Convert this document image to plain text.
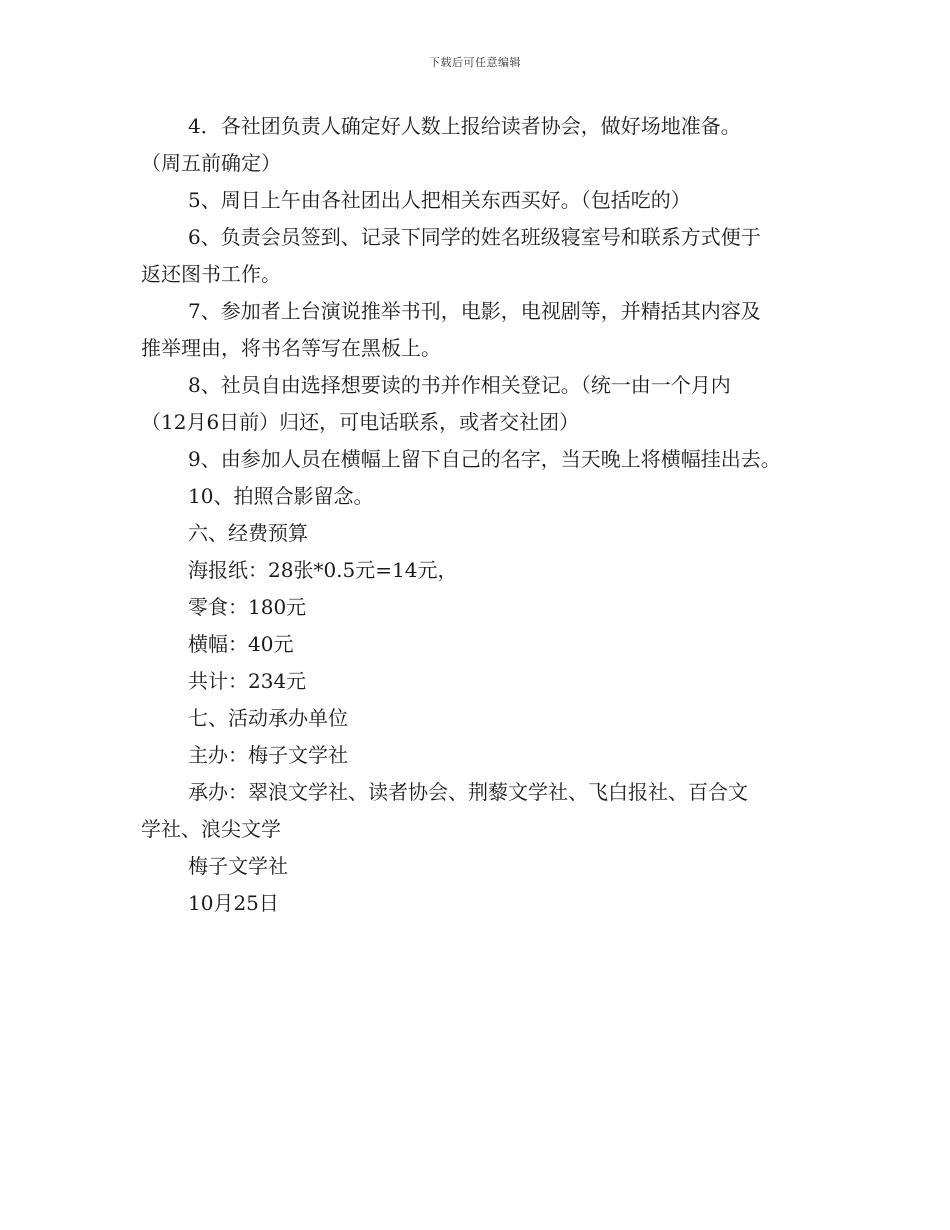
下载后可任意编辑

4．各社团负责人确定好人数上报给读者协会，做好场地准备。

（周五前确定）

5、周日上午由各社团出人把相关东西买好。（包括吃的）

6、负责会员签到、记录下同学的姓名班级寝室号和联系方式便于

返还图书工作。

7、参加者上台演说推举书刊，电影，电视剧等，并精括其内容及

推举理由，将书名等写在黑板上。

8、社员自由选择想要读的书并作相关登记。（统一由一个月内

（12月6日前）归还，可电话联系，或者交社团）

9、由参加人员在横幅上留下自己的名字，当天晚上将横幅挂出去。

10、拍照合影留念。

六、经费预算

海报纸：28张*0.5元=14元，

零食：180元

横幅：40元

共计：234元

七、活动承办单位

主办：梅子文学社

承办：翠浪文学社、读者协会、荆藜文学社、飞白报社、百合文

学社、浪尖文学

梅子文学社

10月25日
